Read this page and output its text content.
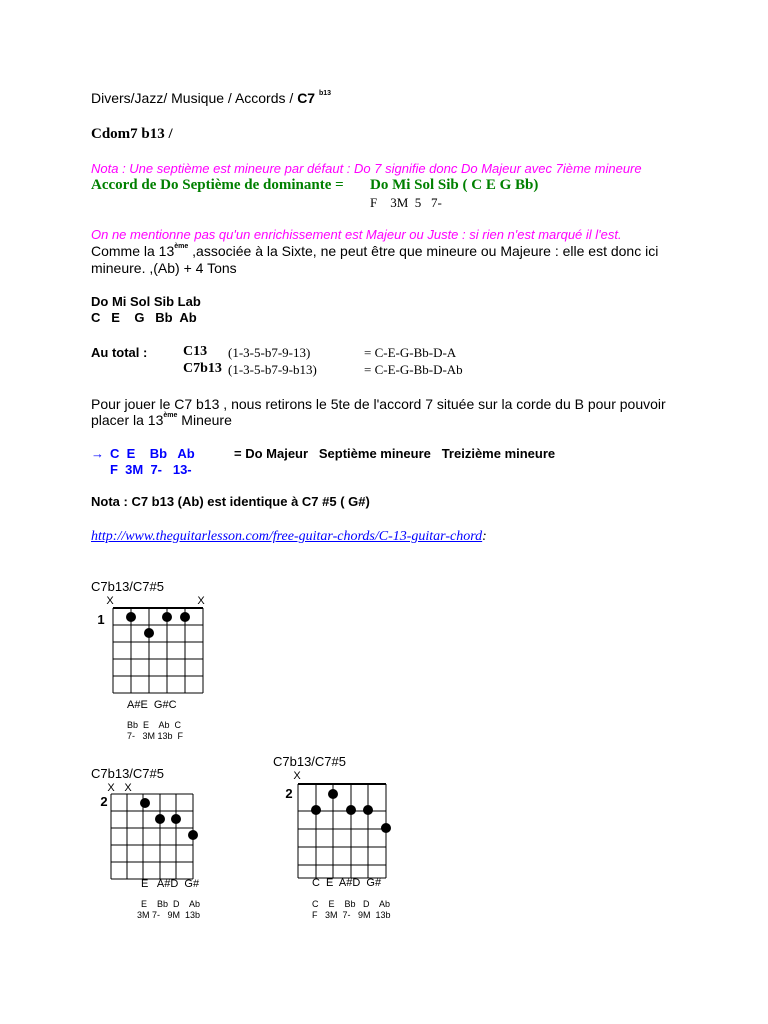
Divers/Jazz/ Musique / Accords / C7 $^{b13}$
Cdom7 b13 /
Nota : Une septième est mineure par défaut : Do 7 signifie donc Do Majeur avec 7ième mineure
Accord de Do Septième de dominante = Do Mi Sol Sib ( C E G Bb)
F    3M  5   7-
On ne mentionne pas qu'un enrichissement est Majeur ou Juste : si rien n'est marqué il l'est.
Comme la 13ème ,associée à la Sixte, ne peut être que mineure ou Majeure : elle est donc ici
mineure. ,(Ab) + 4 Tons
Do Mi Sol Sib Lab
C   E    G   Bb  Ab
Au total :	C13 (1-3-5-b7-9-13)	= C-E-G-Bb-D-A
C7b13 (1-3-5-b7-9-b13)	= C-E-G-Bb-D-Ab
Pour jouer le C7 b13 , nous retirons le 5te de l'accord 7 située sur la corde du B pour pouvoir
placer la 13ème Mineure
→ C  E    Bb   Ab
F  3M  7-   13-
= Do Majeur   Septième mineure   Treizième mineure
Nota : C7 b13 (Ab) est identique à C7 #5 ( G#)
http://www.theguitarlesson.com/free-guitar-chords/C-13-guitar-chord:
C7b13/C7#5
X	X
1
A#E  G#C
Bb  E    Ab  C
7-   3M 13b  F
C7b13/C7#5
X X
2
E   A#D  G#
E    Bb  D    Ab
3M 7-   9M  13b
C7b13/C7#5
X
2
C  E  A#D  G#
C    E    Bb   D    Ab
F   3M  7-   9M  13b
